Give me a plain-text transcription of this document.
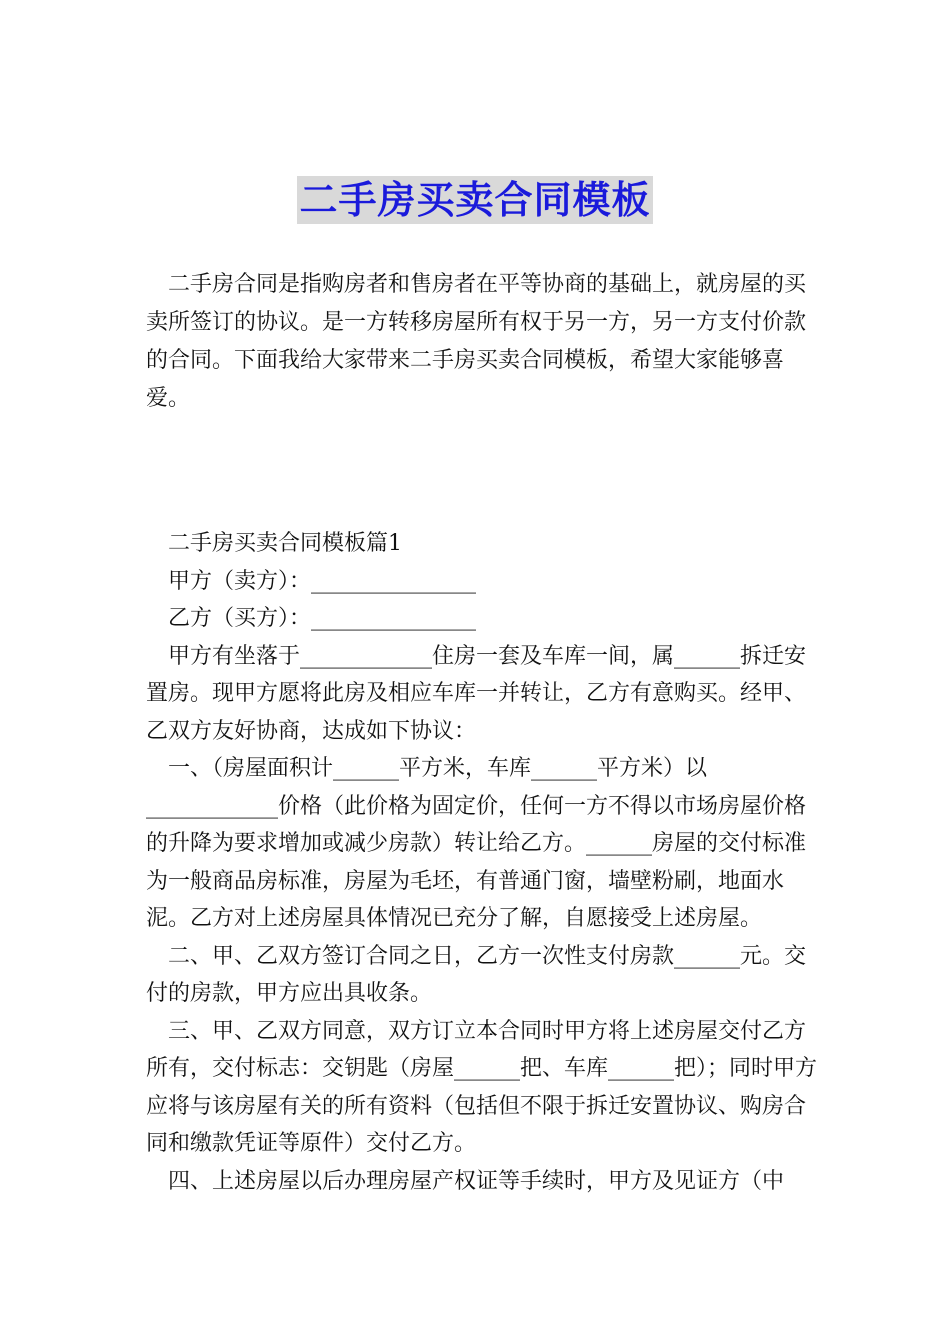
二手房买卖合同模板

二手房合同是指购房者和售房者在平等协商的基础上，就房屋的买卖所签订的协议。是一方转移房屋所有权于另一方，另一方支付价款的合同。下面我给大家带来二手房买卖合同模板，希望大家能够喜爱。

二手房买卖合同模板篇1

甲方（卖方）：_______________

乙方（买方）：_______________

甲方有坐落于____________住房一套及车库一间，属______拆迁安置房。现甲方愿将此房及相应车库一并转让，乙方有意购买。经甲、乙双方友好协商，达成如下协议：

一、（房屋面积计______平方米，车库______平方米）以____________价格（此价格为固定价，任何一方不得以市场房屋价格的升降为要求增加或减少房款）转让给乙方。______房屋的交付标准为一般商品房标准，房屋为毛坯，有普通门窗，墙壁粉刷，地面水泥。乙方对上述房屋具体情况已充分了解，自愿接受上述房屋。

二、甲、乙双方签订合同之日，乙方一次性支付房款______元。交付的房款，甲方应出具收条。

三、甲、乙双方同意，双方订立本合同时甲方将上述房屋交付乙方所有，交付标志：交钥匙（房屋______把、车库______把）；同时甲方应将与该房屋有关的所有资料（包括但不限于拆迁安置协议、购房合同和缴款凭证等原件）交付乙方。

四、上述房屋以后办理房屋产权证等手续时，甲方及见证方（中
